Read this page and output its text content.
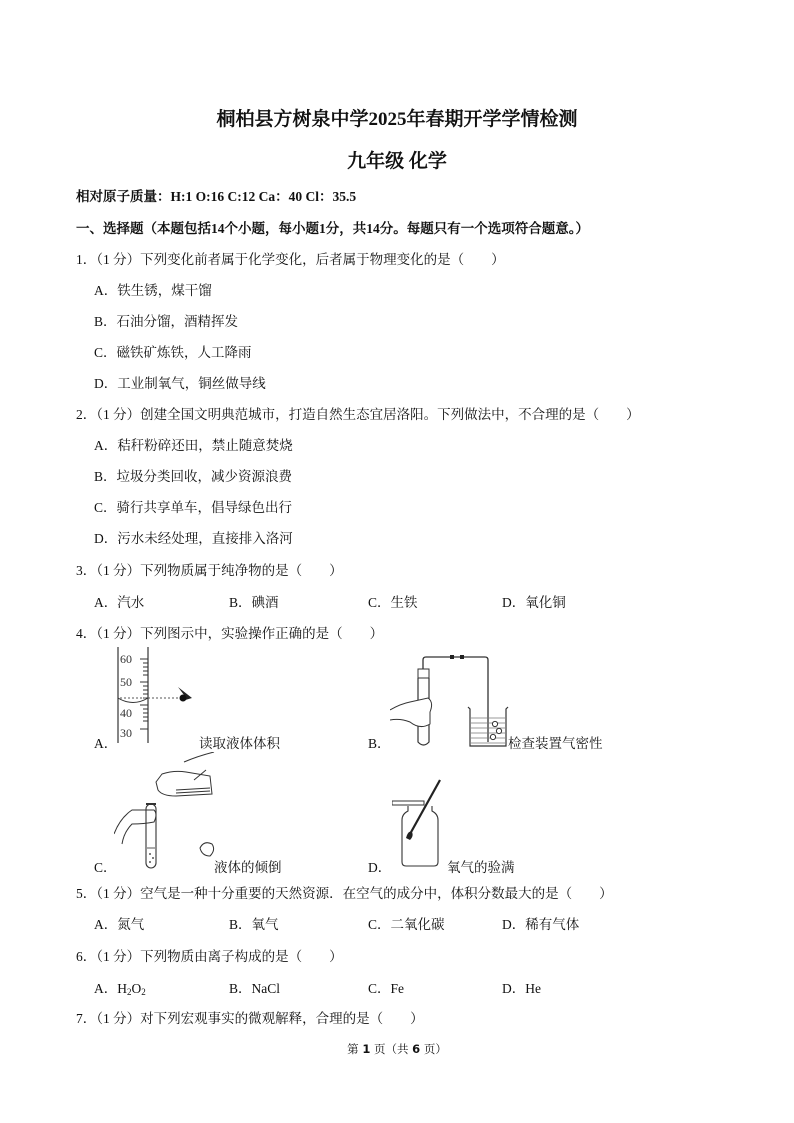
桐柏县方树泉中学2025年春期开学学情检测
九年级 化学
相对原子质量：H:1 O:16 C:12 Ca：40 Cl：35.5
一、选择题（本题包括14个小题，每小题1分，共14分。每题只有一个选项符合题意。）
1．（1 分）下列变化前者属于化学变化，后者属于物理变化的是（　　）
A．铁生锈，煤干馏
B．石油分馏，酒精挥发
C．磁铁矿炼铁，人工降雨
D．工业制氧气，铜丝做导线
2．（1 分）创建全国文明典范城市，打造自然生态宜居洛阳。下列做法中，不合理的是（　　）
A．秸秆粉碎还田，禁止随意焚烧
B．垃圾分类回收，减少资源浪费
C．骑行共享单车，倡导绿色出行
D．污水未经处理，直接排入洛河
3．（1 分）下列物质属于纯净物的是（　　）
A．汽水	B．碘酒	C．生铁	D．氧化铜
4．（1 分）下列图示中，实验操作正确的是（　　）
A．
60
50
40
30
读取液体体积	B．	检查装置气密性
C．	液体的倾倒	D．	氧气的验满
5．（1 分）空气是一种十分重要的天然资源．在空气的成分中，体积分数最大的是（　　）
A．氮气	B．氧气	C．二氧化碳	D．稀有气体
6．（1 分）下列物质由离子构成的是（　　）
A．$H_2O_2$	B．NaCl	C．Fe	D．He
7．（1 分）对下列宏观事实的微观解释，合理的是（　　）
第 1 页（共 6 页）
